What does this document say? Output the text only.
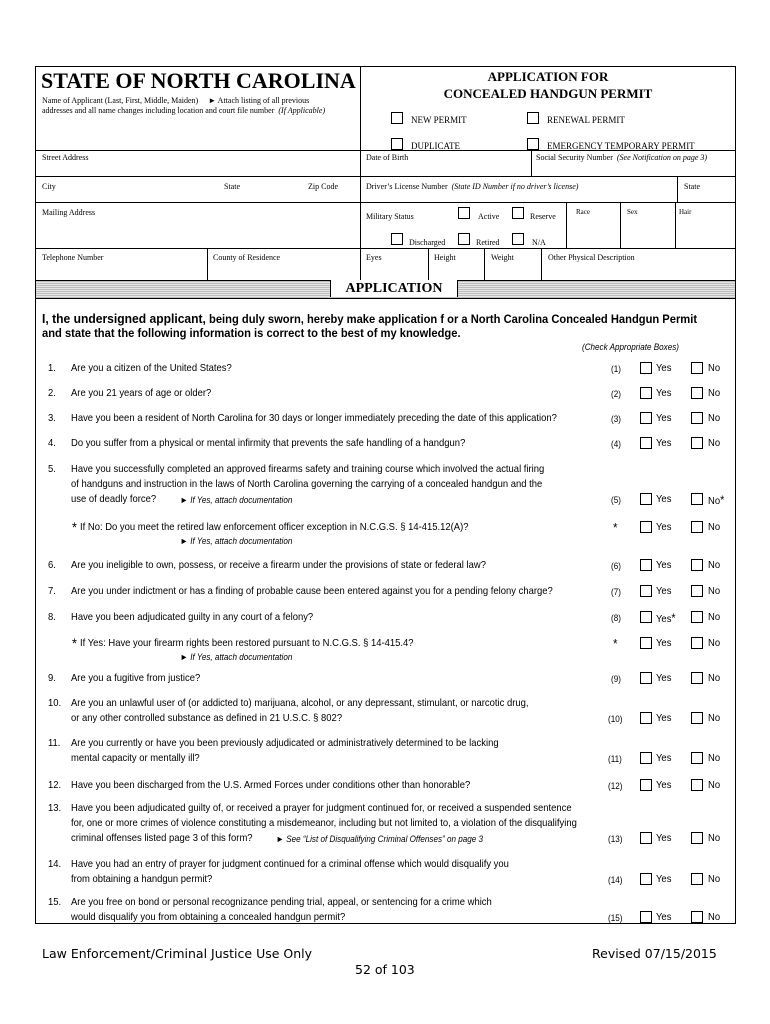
STATE OF NORTH CAROLINA
Name of Applicant (Last, First, Middle, Maiden) ► Attach listing of all previous
addresses and all name changes including location and court file number (If Applicable)
APPLICATION FOR
CONCEALED HANDGUN PERMIT
NEW PERMIT	RENEWAL PERMIT
DUPLICATE	EMERGENCY TEMPORARY PERMIT
Street Address	Date of Birth	Social Security Number (See Notification on page 3)
City	State	Zip Code	Driver’s License Number (State ID Number if no driver’s license)	State
Mailing Address	Military Status	Active	Reserve	Race	Sex	Hair
Discharged	Retired	N/A
Telephone Number	County of Residence	Eyes	Height	Weight	Other Physical Description
APPLICATION
I, the undersigned applicant, being duly sworn, hereby make application f or a North Carolina Concealed Handgun Permit
and state that the following information is correct to the best of my knowledge.
(Check Appropriate Boxes)
1. Are you a citizen of the United States?	(1)	Yes	No
2. Are you 21 years of age or older?	(2)	Yes	No
3. Have you been a resident of North Carolina for 30 days or longer immediately preceding the date of this application?	(3)	Yes	No
4. Do you suffer from a physical or mental infirmity that prevents the safe handling of a handgun?	(4)	Yes	No
5. Have you successfully completed an approved firearms safety and training course which involved the actual firing
of handguns and instruction in the laws of North Carolina governing the carrying of a concealed handgun and the
use of deadly force?	► If Yes, attach documentation	(5)	Yes	No*
* If No: Do you meet the retired law enforcement officer exception in N.C.G.S. § 14-415.12(A)?
► If Yes, attach documentation
*	Yes	No
6. Are you ineligible to own, possess, or receive a firearm under the provisions of state or federal law?	(6)	Yes	No
7. Are you under indictment or has a finding of probable cause been entered against you for a pending felony charge?	(7)	Yes	No
8. Have you been adjudicated guilty in any court of a felony?	(8)	Yes*	No
* If Yes: Have your firearm rights been restored pursuant to N.C.G.S. § 14-415.4?
► If Yes, attach documentation
*	Yes	No
9. Are you a fugitive from justice?	(9)	Yes	No
10. Are you an unlawful user of (or addicted to) marijuana, alcohol, or any depressant, stimulant, or narcotic drug,
or any other controlled substance as defined in 21 U.S.C. § 802?	(10)	Yes	No
11. Are you currently or have you been previously adjudicated or administratively determined to be lacking
mental capacity or mentally ill?	(11)	Yes	No
12. Have you been discharged from the U.S. Armed Forces under conditions other than honorable?	(12)	Yes	No
13. Have you been adjudicated guilty of, or received a prayer for judgment continued for, or received a suspended sentence
for, one or more crimes of violence constituting a misdemeanor, including but not limited to, a violation of the disqualifying
criminal offenses listed page 3 of this form?	► See “List of Disqualifying Criminal Offenses” on page 3	(13)	Yes	No
14. Have you had an entry of prayer for judgment continued for a criminal offense which would disqualify you
from obtaining a handgun permit?	(14)	Yes	No
15. Are you free on bond or personal recognizance pending trial, appeal, or sentencing for a crime which
would disqualify you from obtaining a concealed handgun permit?	(15)	Yes	No
Law Enforcement/Criminal Justice Use Only	Revised 07/15/2015
52 of 103
